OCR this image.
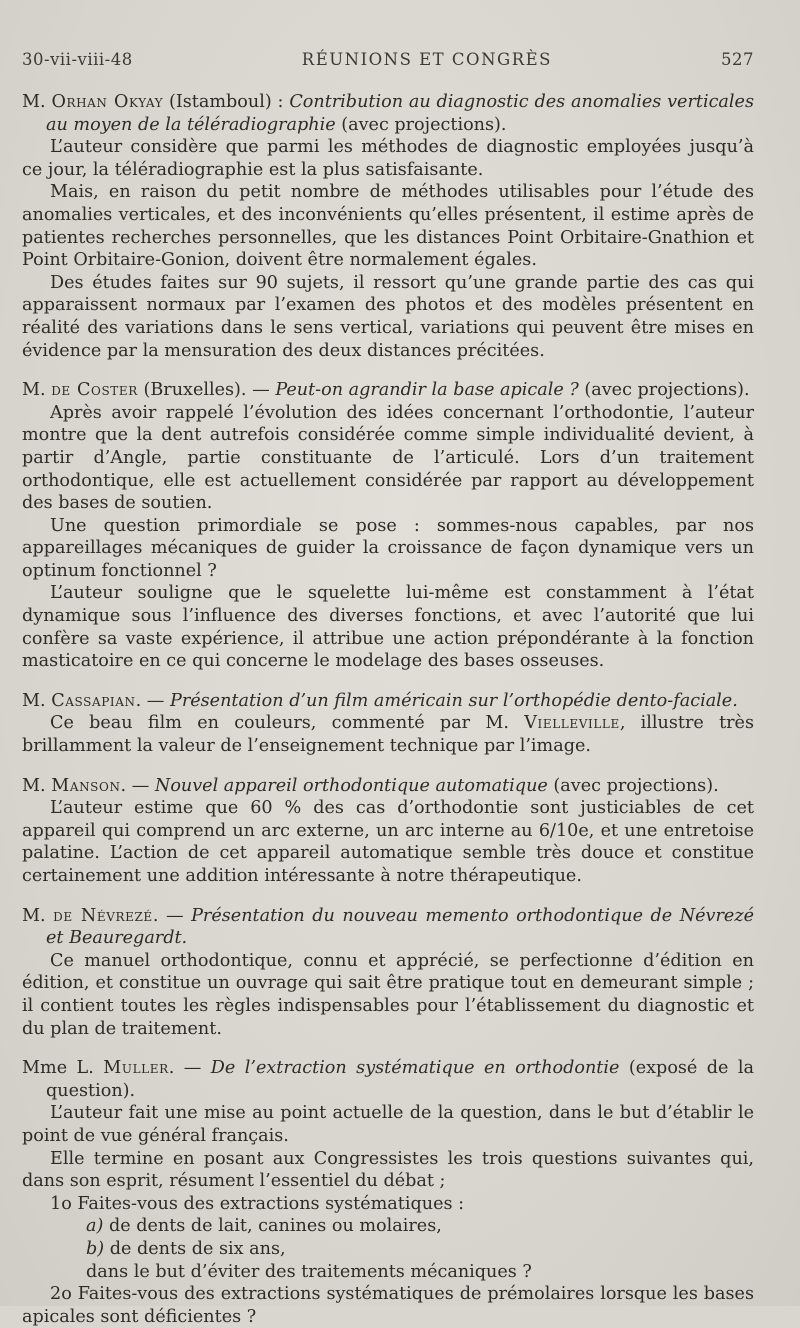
30-vii-viii-48	RÉUNIONS ET CONGRÈS	527

M. Orhan Okyay (Istamboul) : Contribution au diagnostic des anomalies verticales au moyen de la téléradiographie (avec projections).

L’auteur considère que parmi les méthodes de diagnostic employées jusqu’à ce jour, la téléradiographie est la plus satisfaisante.

Mais, en raison du petit nombre de méthodes utilisables pour l’étude des anomalies verticales, et des inconvénients qu’elles présentent, il estime après de patientes recherches personnelles, que les distances Point Orbitaire-Gnathion et Point Orbitaire-Gonion, doivent être normalement égales.

Des études faites sur 90 sujets, il ressort qu’une grande partie des cas qui apparaissent normaux par l’examen des photos et des modèles présentent en réalité des variations dans le sens vertical, variations qui peuvent être mises en évidence par la mensuration des deux distances précitées.

M. de Coster (Bruxelles). — Peut-on agrandir la base apicale ? (avec projections).

Après avoir rappelé l’évolution des idées concernant l’orthodontie, l’auteur montre que la dent autrefois considérée comme simple individualité devient, à partir d’Angle, partie constituante de l’articulé. Lors d’un traitement orthodontique, elle est actuellement considérée par rapport au développement des bases de soutien.

Une question primordiale se pose : sommes-nous capables, par nos appareillages mécaniques de guider la croissance de façon dynamique vers un optinum fonctionnel ?

L’auteur souligne que le squelette lui-même est constamment à l’état dynamique sous l’influence des diverses fonctions, et avec l’autorité que lui confère sa vaste expérience, il attribue une action prépondérante à la fonction masticatoire en ce qui concerne le modelage des bases osseuses.

M. Cassapian. — Présentation d’un film américain sur l’orthopédie dento-faciale.

Ce beau film en couleurs, commenté par M. Vielleville, illustre très brillamment la valeur de l’enseignement technique par l’image.

M. Manson. — Nouvel appareil orthodontique automatique (avec projections).

L’auteur estime que 60 % des cas d’orthodontie sont justiciables de cet appareil qui comprend un arc externe, un arc interne au 6/10e, et une entretoise palatine. L’action de cet appareil automatique semble très douce et constitue certainement une addition intéressante à notre thérapeutique.

M. de Névrezé. — Présentation du nouveau memento orthodontique de Névrezé et Beauregardt.

Ce manuel orthodontique, connu et apprécié, se perfectionne d’édition en édition, et constitue un ouvrage qui sait être pratique tout en demeurant simple ; il contient toutes les règles indispensables pour l’établissement du diagnostic et du plan de traitement.

Mme L. Muller. — De l’extraction systématique en orthodontie (exposé de la question).

L’auteur fait une mise au point actuelle de la question, dans le but d’établir le point de vue général français.

Elle termine en posant aux Congressistes les trois questions suivantes qui, dans son esprit, résument l’essentiel du débat ;

1o Faites-vous des extractions systématiques :

a) de dents de lait, canines ou molaires,

b) de dents de six ans,

dans le but d’éviter des traitements mécaniques ?

2o Faites-vous des extractions systématiques de prémolaires lorsque les bases apicales sont déficientes ?
